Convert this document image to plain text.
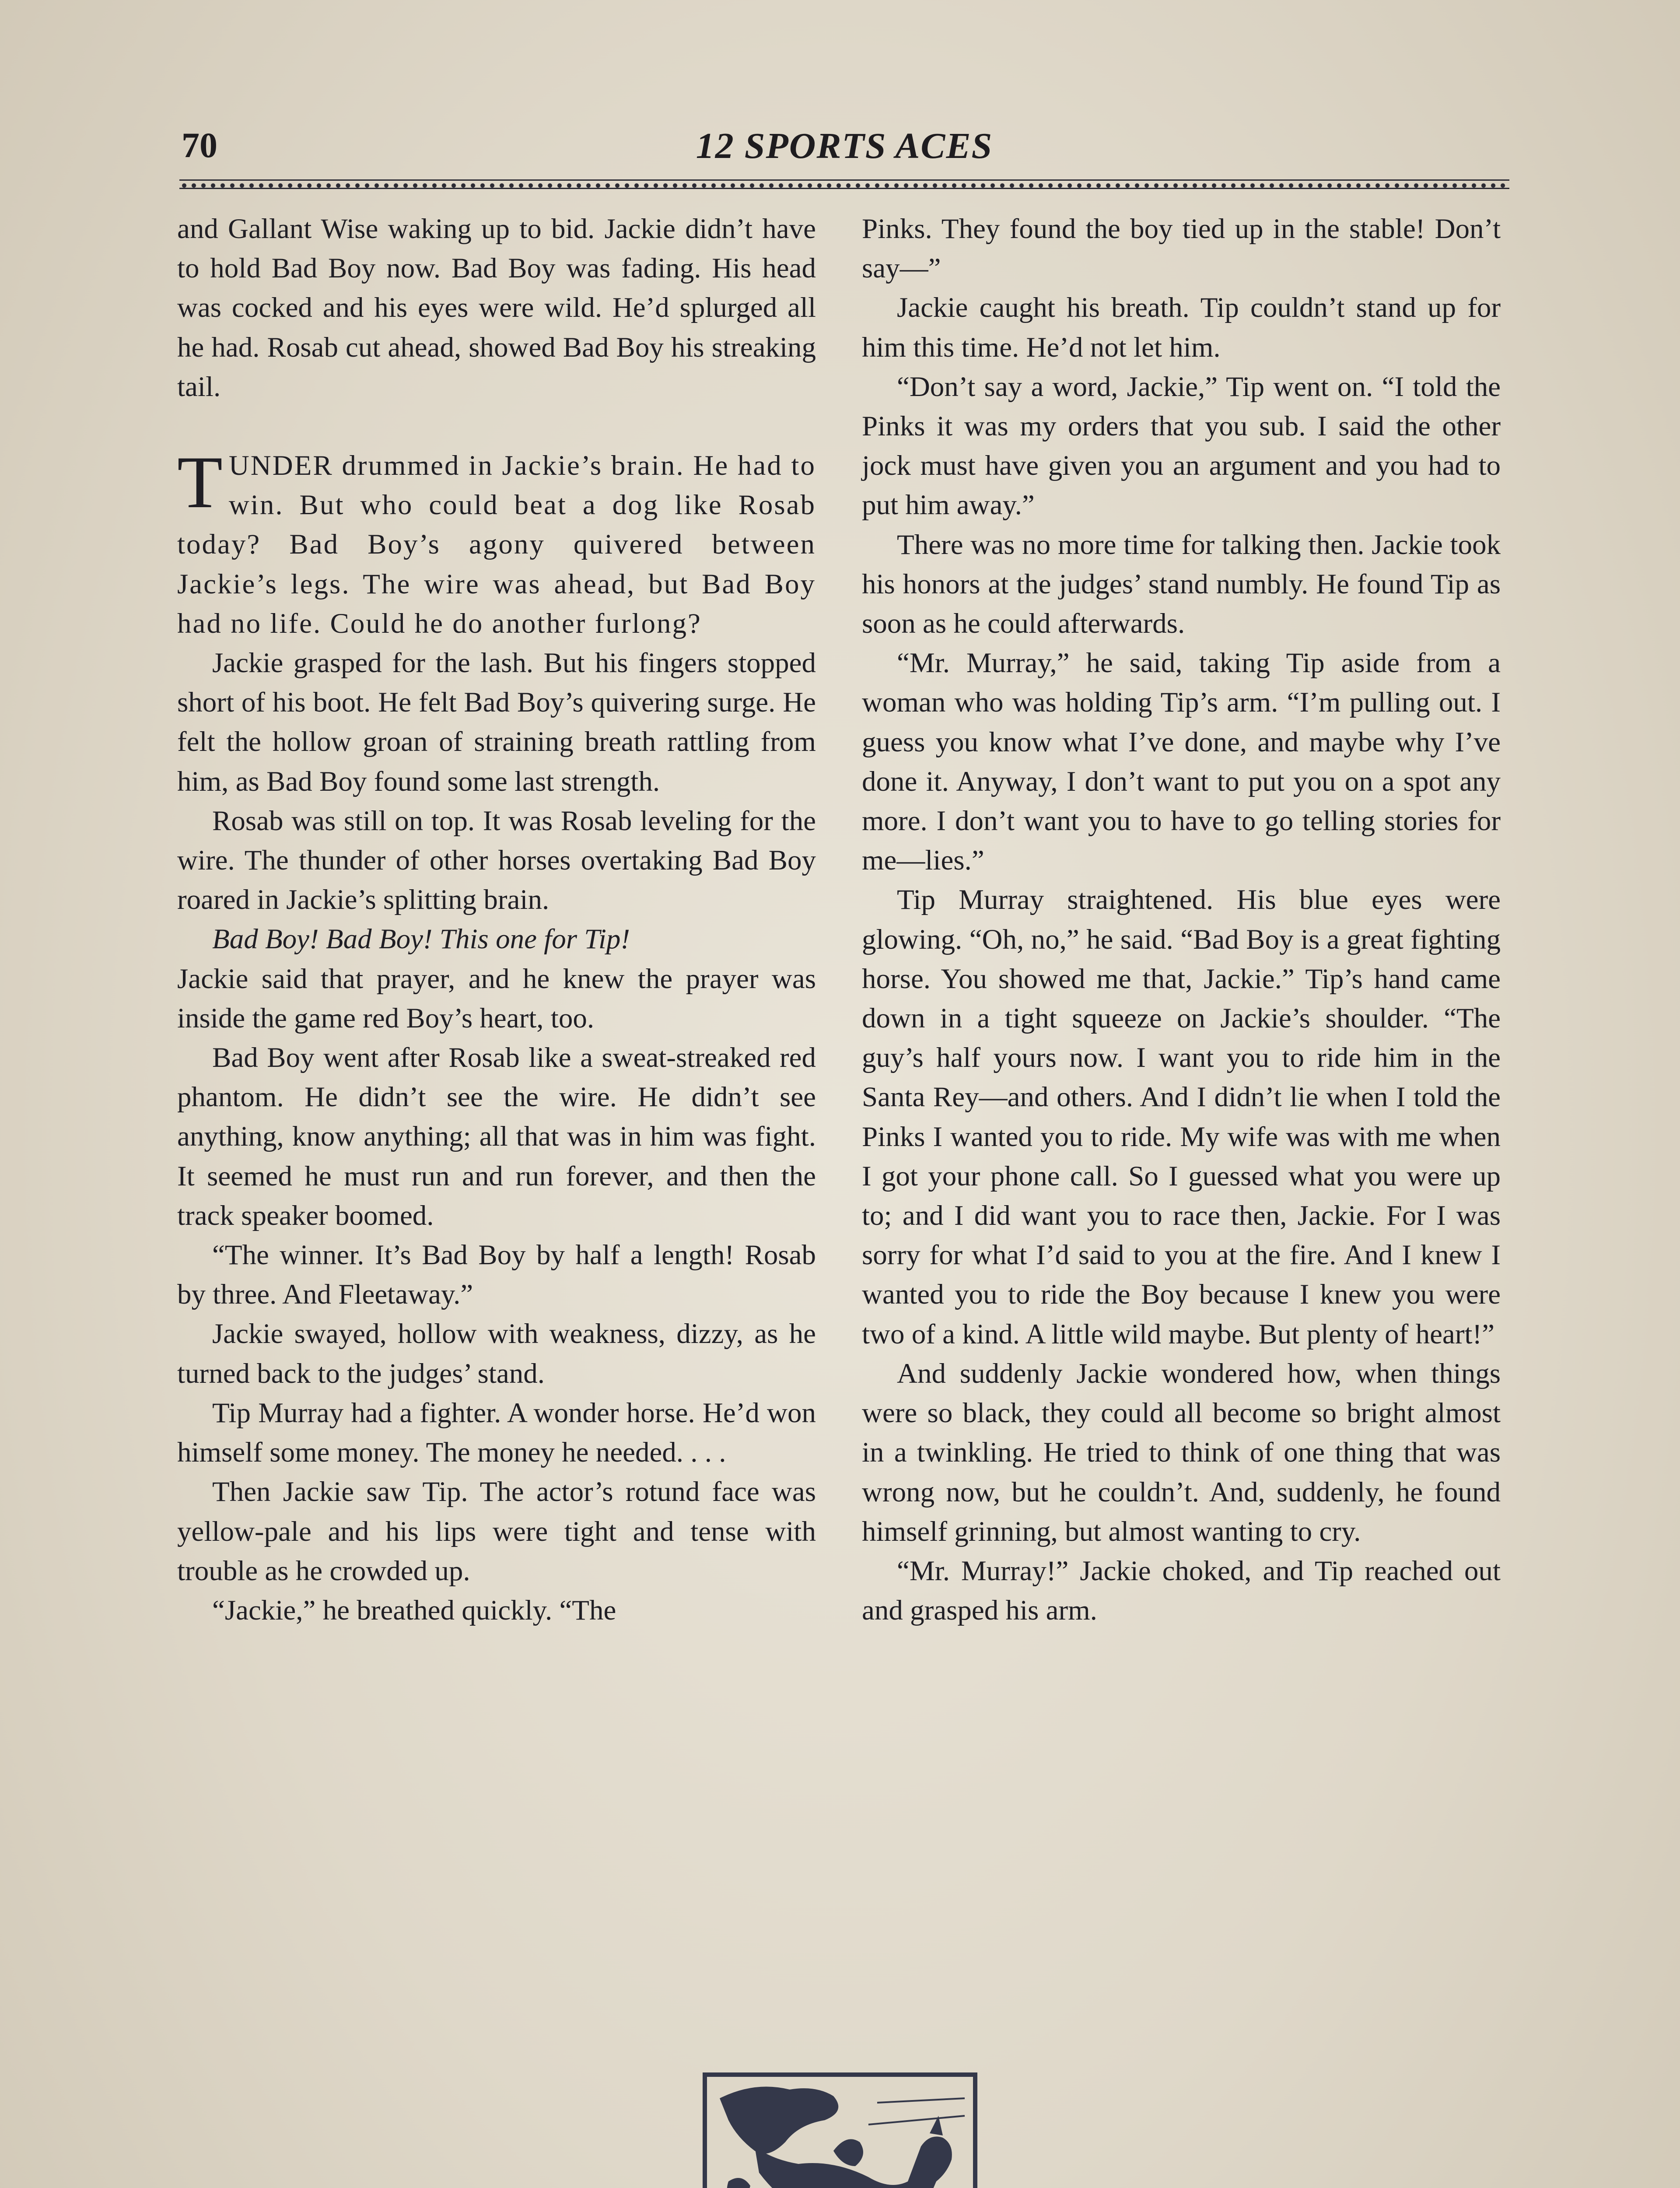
70	12 SPORTS ACES

and Gallant Wise waking up to bid. Jackie didn’t have to hold Bad Boy now. Bad Boy was fading. His head was cocked and his eyes were wild. He’d splurged all he had. Rosab cut ahead, showed Bad Boy his streaking tail.

TUNDER drummed in Jackie’s brain. He had to win. But who could beat a dog like Rosab today? Bad Boy’s agony quivered between Jackie’s legs. The wire was ahead, but Bad Boy had no life. Could he do another furlong?

Jackie grasped for the lash. But his fingers stopped short of his boot. He felt Bad Boy’s quivering surge. He felt the hollow groan of straining breath rattling from him, as Bad Boy found some last strength.

Rosab was still on top. It was Rosab leveling for the wire. The thunder of other horses overtaking Bad Boy roared in Jackie’s splitting brain.

Bad Boy! Bad Boy! This one for Tip!

Jackie said that prayer, and he knew the prayer was inside the game red Boy’s heart, too.

Bad Boy went after Rosab like a sweat-streaked red phantom. He didn’t see the wire. He didn’t see anything, know anything; all that was in him was fight. It seemed he must run and run forever, and then the track speaker boomed.

“The winner. It’s Bad Boy by half a length! Rosab by three. And Fleetaway.”

Jackie swayed, hollow with weakness, dizzy, as he turned back to the judges’ stand.

Tip Murray had a fighter. A wonder horse. He’d won himself some money. The money he needed. . . .

Then Jackie saw Tip. The actor’s rotund face was yellow-pale and his lips were tight and tense with trouble as he crowded up.

“Jackie,” he breathed quickly. “The

Pinks. They found the boy tied up in the stable! Don’t say—”

Jackie caught his breath. Tip couldn’t stand up for him this time. He’d not let him.

“Don’t say a word, Jackie,” Tip went on. “I told the Pinks it was my orders that you sub. I said the other jock must have given you an argument and you had to put him away.”

There was no more time for talking then. Jackie took his honors at the judges’ stand numbly. He found Tip as soon as he could afterwards.

“Mr. Murray,” he said, taking Tip aside from a woman who was holding Tip’s arm. “I’m pulling out. I guess you know what I’ve done, and maybe why I’ve done it. Anyway, I don’t want to put you on a spot any more. I don’t want you to have to go telling stories for me—lies.”

Tip Murray straightened. His blue eyes were glowing. “Oh, no,” he said. “Bad Boy is a great fighting horse. You showed me that, Jackie.” Tip’s hand came down in a tight squeeze on Jackie’s shoulder. “The guy’s half yours now. I want you to ride him in the Santa Rey—and others. And I didn’t lie when I told the Pinks I wanted you to ride. My wife was with me when I got your phone call. So I guessed what you were up to; and I did want you to race then, Jackie. For I was sorry for what I’d said to you at the fire. And I knew I wanted you to ride the Boy because I knew you were two of a kind. A little wild maybe. But plenty of heart!”

And suddenly Jackie wondered how, when things were so black, they could all become so bright almost in a twinkling. He tried to think of one thing that was wrong now, but he couldn’t. And, suddenly, he found himself grinning, but almost wanting to cry.

“Mr. Murray!” Jackie choked, and Tip reached out and grasped his arm.
